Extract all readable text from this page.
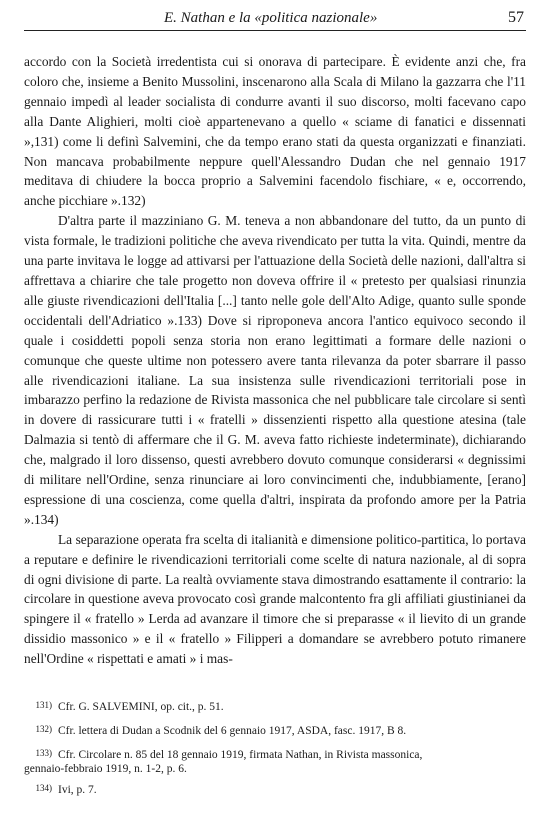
E. Nathan e la «politica nazionale»	57

accordo con la Società irredentista cui si onorava di partecipare. È evidente anzi che, fra coloro che, insieme a Benito Mussolini, inscenarono alla Scala di Milano la gazzarra che l'11 gennaio impedì al leader socialista di condurre avanti il suo discorso, molti facevano capo alla Dante Alighieri, molti cioè appartenevano a quello « sciame di fanatici e dissennati »,131) come li definì Salvemini, che da tempo erano stati da questa organizzati e finanziati. Non mancava probabilmente neppure quell'Alessandro Dudan che nel gennaio 1917 meditava di chiudere la bocca proprio a Salvemini facendolo fischiare, « e, occorrendo, anche picchiare ».132)

D'altra parte il mazziniano G. M. teneva a non abbandonare del tutto, da un punto di vista formale, le tradizioni politiche che aveva rivendicato per tutta la vita. Quindi, mentre da una parte invitava le logge ad attivarsi per l'attuazione della Società delle nazioni, dall'altra si affrettava a chiarire che tale progetto non doveva offrire il « pretesto per qualsiasi rinunzia alle giuste rivendicazioni dell'Italia [...] tanto nelle gole dell'Alto Adige, quanto sulle sponde occidentali dell'Adriatico ».133) Dove si riproponeva ancora l'antico equivoco secondo il quale i cosiddetti popoli senza storia non erano legittimati a formare delle nazioni o comunque che queste ultime non potessero avere tanta rilevanza da poter sbarrare il passo alle rivendicazioni italiane. La sua insistenza sulle rivendicazioni territoriali pose in imbarazzo perfino la redazione de Rivista massonica che nel pubblicare tale circolare si sentì in dovere di rassicurare tutti i « fratelli » dissenzienti rispetto alla questione atesina (tale Dalmazia si tentò di affermare che il G. M. aveva fatto richieste indeterminate), dichiarando che, malgrado il loro dissenso, questi avrebbero dovuto comunque considerarsi « degnissimi di militare nell'Ordine, senza rinunciare ai loro convincimenti che, indubbiamente, [erano] espressione di una coscienza, come quella d'altri, inspirata da profondo amore per la Patria ».134)

La separazione operata fra scelta di italianità e dimensione politico-partitica, lo portava a reputare e definire le rivendicazioni territoriali come scelte di natura nazionale, al di sopra di ogni divisione di parte. La realtà ovviamente stava dimostrando esattamente il contrario: la circolare in questione aveva provocato così grande malcontento fra gli affiliati giustinianei da spingere il « fratello » Lerda ad avanzare il timore che si preparasse « il lievito di un grande dissidio massonico » e il « fratello » Filipperi a domandare se avrebbero potuto rimanere nell'Ordine « rispettati e amati » i mas-

131) Cfr. G. SALVEMINI, op. cit., p. 51.

132) Cfr. lettera di Dudan a Scodnik del 6 gennaio 1917, ASDA, fasc. 1917, B 8.

133) Cfr. Circolare n. 85 del 18 gennaio 1919, firmata Nathan, in Rivista massonica,
gennaio-febbraio 1919, n. 1-2, p. 6.

134) Ivi, p. 7.
